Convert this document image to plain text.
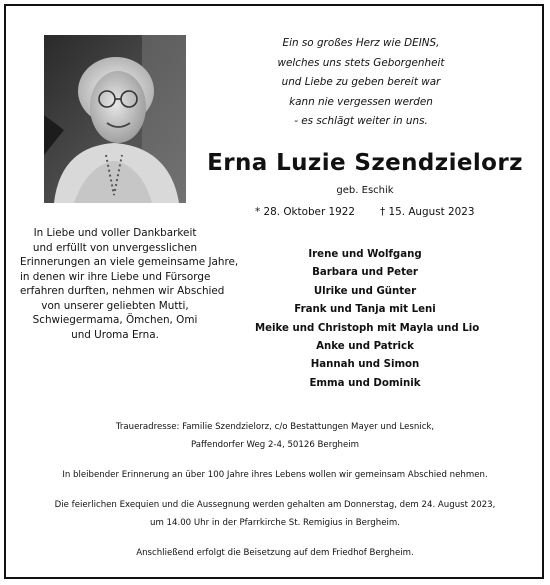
Ein so großes Herz wie DEINS,
welches uns stets Geborgenheit
und Liebe zu geben bereit war
kann nie vergessen werden
- es schlägt weiter in uns.
Erna Luzie Szendzielorz
geb. Eschik
* 28. Oktober 1922 † 15. August 2023
In Liebe und voller Dankbarkeit
und erfüllt von unvergesslichen
Erinnerungen an viele gemeinsame Jahre,
in denen wir ihre Liebe und Fürsorge
erfahren durften, nehmen wir Abschied
von unserer geliebten Mutti,
Schwiegermama, Ömchen, Omi
und Uroma Erna.
Irene und Wolfgang
Barbara und Peter
Ulrike und Günter
Frank und Tanja mit Leni
Meike und Christoph mit Mayla und Lio
Anke und Patrick
Hannah und Simon
Emma und Dominik
Traueradresse: Familie Szendzielorz, c/o Bestattungen Mayer und Lesnick,
Paffendorfer Weg 2-4, 50126 Bergheim
In bleibender Erinnerung an über 100 Jahre ihres Lebens wollen wir gemeinsam Abschied nehmen.
Die feierlichen Exequien und die Aussegnung werden gehalten am Donnerstag, dem 24. August 2023,
um 14.00 Uhr in der Pfarrkirche St. Remigius in Bergheim.
Anschließend erfolgt die Beisetzung auf dem Friedhof Bergheim.
